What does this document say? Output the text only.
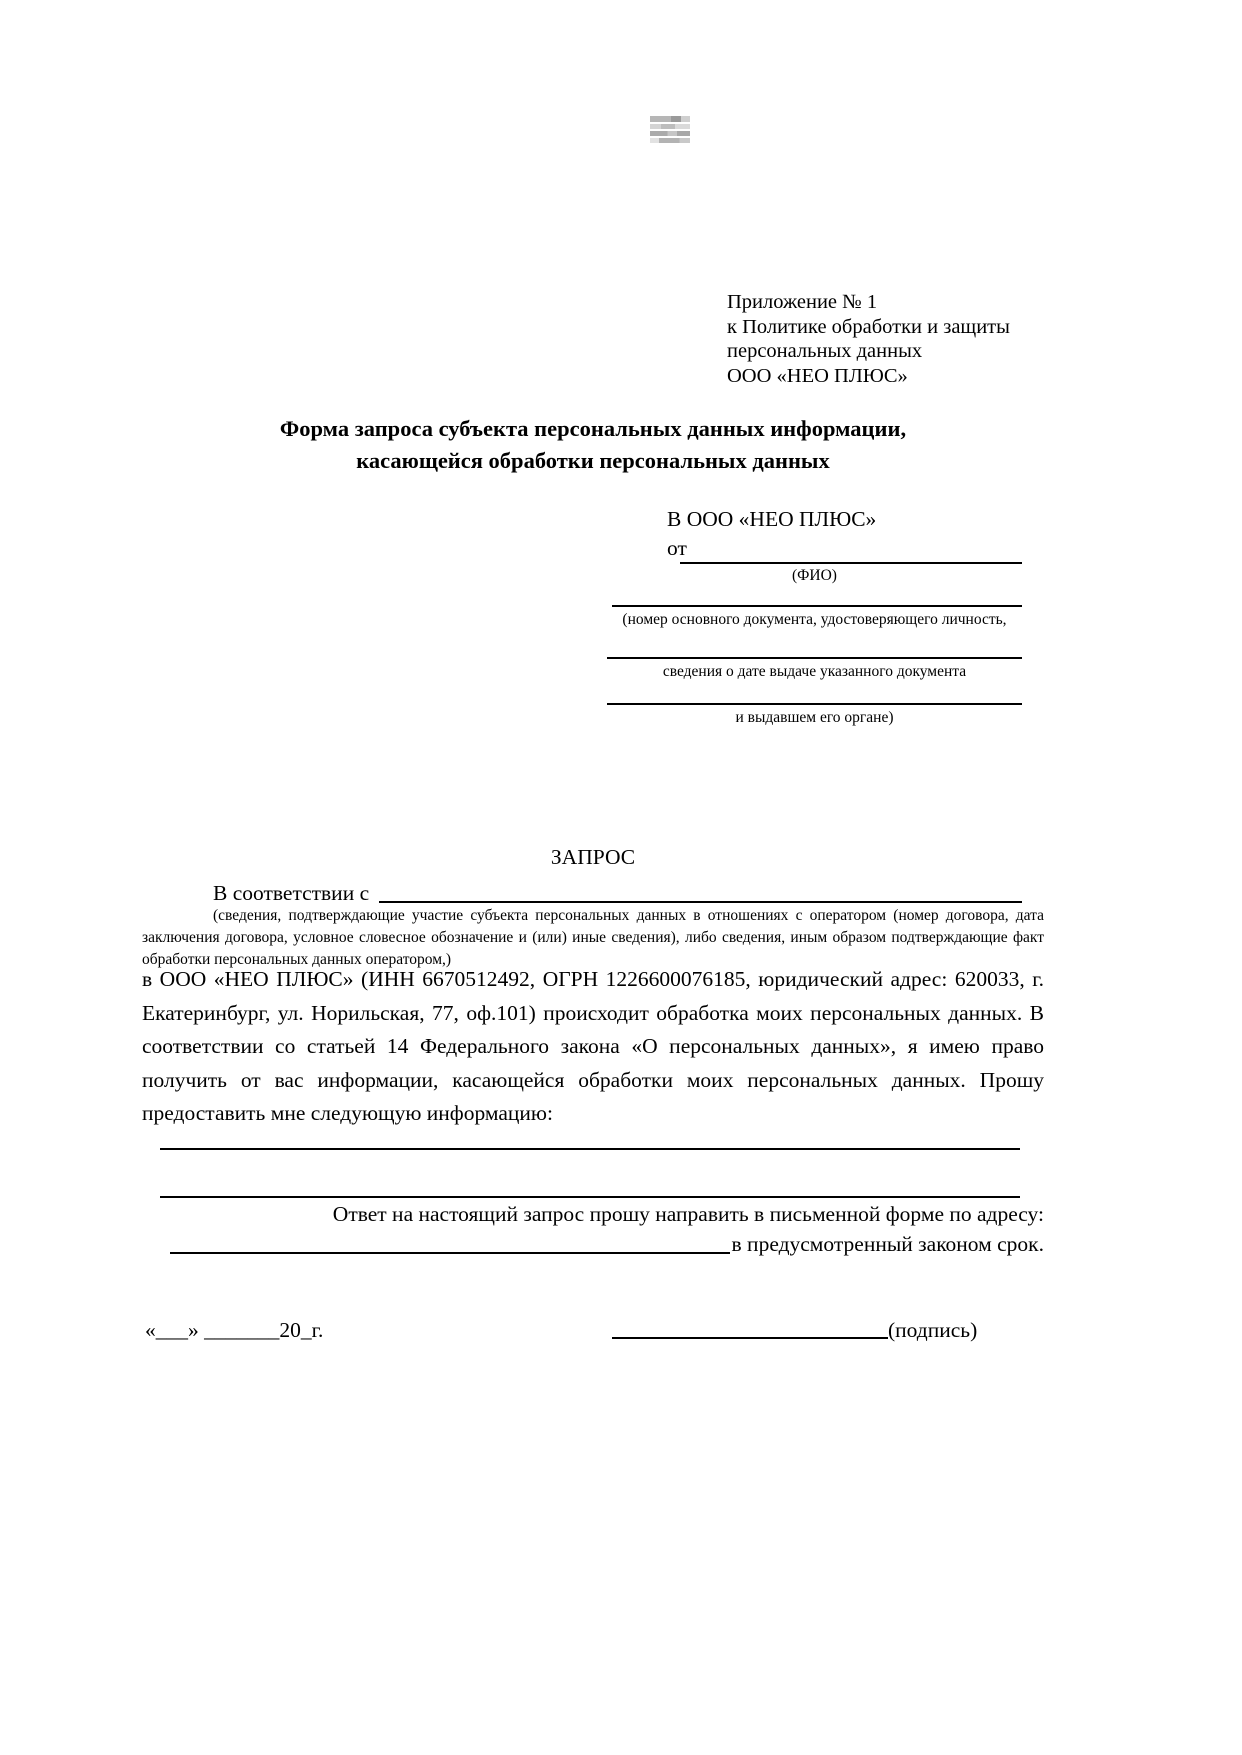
Приложение № 1
к Политике обработки и защиты
персональных данных
ООО «НЕО ПЛЮС»
Форма запроса субъекта персональных данных информации,
касающейся обработки персональных данных
В ООО «НЕО ПЛЮС»
от
(ФИО)
(номер основного документа, удостоверяющего личность,
сведения о дате выдаче указанного документа
и выдавшем его органе)
ЗАПРОС
В соответствии с
(сведения, подтверждающие участие субъекта персональных данных в отношениях с оператором (номер договора, дата заключения договора, условное словесное обозначение и (или) иные сведения), либо сведения, иным образом подтверждающие факт обработки персональных данных оператором,)
в ООО «НЕО ПЛЮС» (ИНН 6670512492, ОГРН 1226600076185, юридический адрес: 620033, г. Екатеринбург, ул. Норильская, 77, оф.101) происходит обработка моих персональных данных. В соответствии со статьей 14 Федерального закона «О персональных данных», я имею право получить от вас информации, касающейся обработки моих персональных данных. Прошу предоставить мне следующую информацию:
Ответ на настоящий запрос прошу направить в письменной форме по адресу:
в предусмотренный законом срок.
«___» _______20_г.	(подпись)
